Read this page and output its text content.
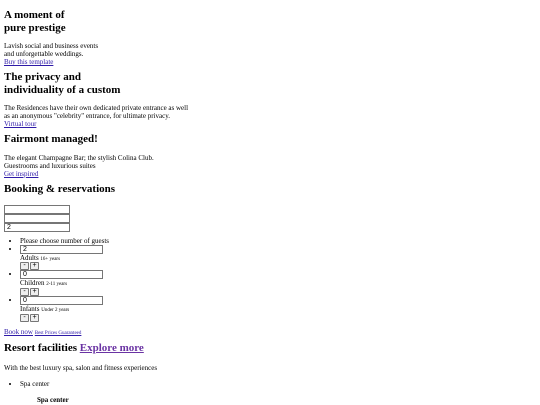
A moment of
pure prestige

Lavish social and business events
and unforgettable weddings.
Buy this template

The privacy and
individuality of a custom

The Residences have their own dedicated private entrance as well
as an anonymous "celebrity" entrance, for ultimate privacy.
Virtual tour

Fairmont managed!

The elegant Champagne Bar; the stylish Colina Club.
Guestrooms and luxurious suites
Get inspired

Booking & reservations
2
• Please choose number of guests
2 • Adults 16+ years
- +
0 • Children 2-11 years
- +
0 • Infants Under 2 years
- +
Book now Best Prices Guaranteed
Resort facilities Explore more

With the best luxury spa, salon and fitness experiences

• Spa center
Spa center
